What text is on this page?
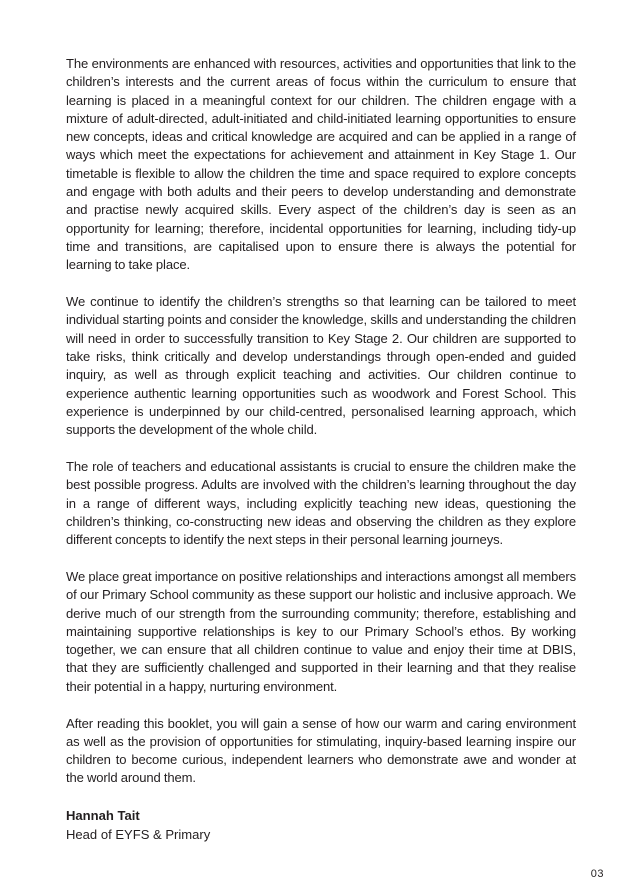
The environments are enhanced with resources, activities and opportunities that link to the children’s interests and the current areas of focus within the curriculum to ensure that learning is placed in a meaningful context for our children. The children engage with a mixture of adult-directed, adult-initiated and child-initiated learning opportunities to ensure new concepts, ideas and critical knowledge are acquired and can be applied in a range of ways which meet the expectations for achievement and attainment in Key Stage 1. Our timetable is flexible to allow the children the time and space required to explore concepts and engage with both adults and their peers to develop understanding and demonstrate and practise newly acquired skills. Every aspect of the children’s day is seen as an opportunity for learning; therefore, incidental opportunities for learning, including tidy-up time and transitions, are capitalised upon to ensure there is always the potential for learning to take place.

We continue to identify the children’s strengths so that learning can be tailored to meet individual starting points and consider the knowledge, skills and understanding the children will need in order to successfully transition to Key Stage 2. Our children are supported to take risks, think critically and develop understandings through open-ended and guided inquiry, as well as through explicit teaching and activities. Our children continue to experience authentic learning opportunities such as woodwork and Forest School. This experience is underpinned by our child-centred, personalised learning approach, which supports the development of the whole child.

The role of teachers and educational assistants is crucial to ensure the children make the best possible progress. Adults are involved with the children’s learning throughout the day in a range of different ways, including explicitly teaching new ideas, questioning the children’s thinking, co-constructing new ideas and observing the children as they explore different concepts to identify the next steps in their personal learning journeys.

We place great importance on positive relationships and interactions amongst all members of our Primary School community as these support our holistic and inclusive approach. We derive much of our strength from the surrounding community; therefore, establishing and maintaining supportive relationships is key to our Primary School’s ethos. By working together, we can ensure that all children continue to value and enjoy their time at DBIS, that they are sufficiently challenged and supported in their learning and that they realise their potential in a happy, nurturing environment.

After reading this booklet, you will gain a sense of how our warm and caring environment as well as the provision of opportunities for stimulating, inquiry-based learning inspire our children to become curious, independent learners who demonstrate awe and wonder at the world around them.

Hannah Tait
Head of EYFS & Primary
03
